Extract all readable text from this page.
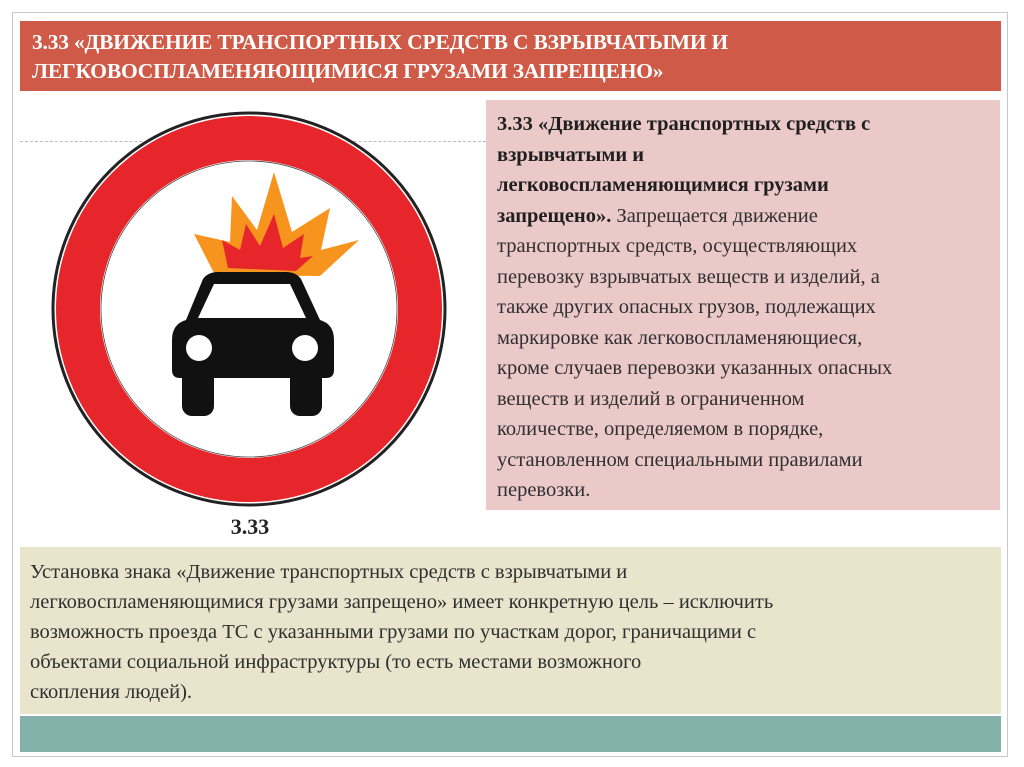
3.33 «ДВИЖЕНИЕ ТРАНСПОРТНЫХ СРЕДСТВ С ВЗРЫВЧАТЫМИ И
ЛЕГКОВОСПЛАМЕНЯЮЩИМИСЯ ГРУЗАМИ ЗАПРЕЩЕНО»
3.33
3.33 «Движение транспортных средств с
взрывчатыми и
легковоспламеняющимися грузами
запрещено». Запрещается движение
транспортных средств, осуществляющих
перевозку взрывчатых веществ и изделий, а
также других опасных грузов, подлежащих
маркировке как легковоспламеняющиеся,
кроме случаев перевозки указанных опасных
веществ и изделий в ограниченном
количестве, определяемом в порядке,
установленном специальными правилами
перевозки.
Установка знака «Движение транспортных средств с взрывчатыми и
легковоспламеняющимися грузами запрещено» имеет конкретную цель – исключить
возможность проезда ТС с указанными грузами по участкам дорог, граничащими с
объектами социальной инфраструктуры (то есть местами возможного
скопления людей).
